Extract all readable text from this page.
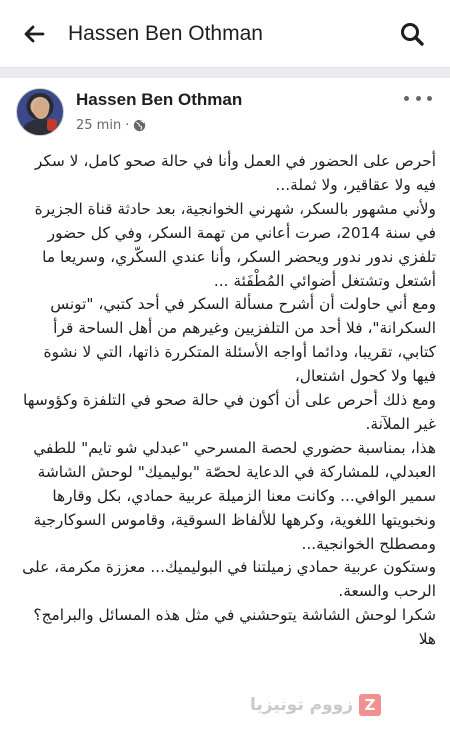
Hassen Ben Othman
Hassen Ben Othman
25 min ·

أحرص على الحضور في العمل وأنا في حالة صحو كامل، لا سكر فيه ولا عقاقير، ولا ثملة...

ولأني مشهور بالسكر، شهرني الخوانجية، بعد حادثة قناة الجزيرة في سنة 2014، صرت أعاني من تهمة السكر، وفي كل حضور تلفزي ندور ندور ويحضر السكر، وأنا عندي السكّري، وسريعا ما أشتعل وتشتغل أضوائي المُطْفَئة ...

ومع أني حاولت أن أشرح مسألة السكر في أحد كتبي، "تونس السكرانة"، فلا أحد من التلفزيين وغيرهم من أهل الساحة قرأ كتابي، تقريبا، ودائما أواجه الأسئلة المتكررة ذاتها، التي لا نشوة فيها ولا كحول اشتعال،

ومع ذلك أحرص على أن أكون في حالة صحو في التلفزة وكؤوسها غير الملآنة.

هذا، بمناسبة حضوري لحصة المسرحي "عبدلي شو تايم" للطفي العبدلي، للمشاركة في الدعاية لحصّة "بوليميك" لوحش الشاشة سمير الوافي... وكانت معنا الزميلة عربية حمادي، بكل وقارها ونخبويتها اللغوية، وكرهها للألفاظ السوقية، وقاموس السوكارجية ومصطلح الخوانجية...

وستكون عربية حمادي زميلتنا في البوليميك... معززة مكرمة، على الرحب والسعة.

شكرا لوحش الشاشة يتوحشني في مثل هذه المسائل والبرامج؟

هلا

زووم تونيزيا Z
